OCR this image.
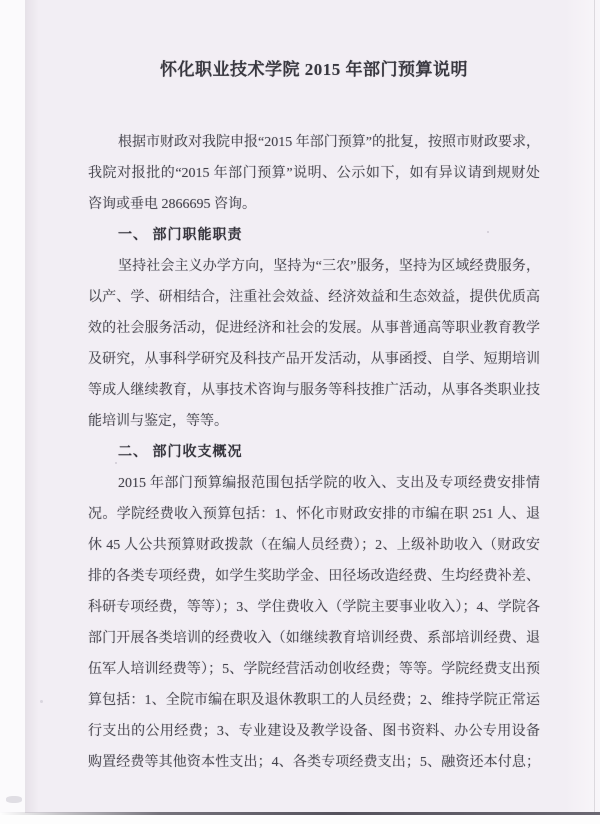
怀化职业技术学院 2015 年部门预算说明
根据市财政对我院申报“2015 年部门预算”的批复，按照市财政要求，
我院对报批的“2015 年部门预算”说明、公示如下，如有异议请到规财处
咨询或垂电 2866695 咨询。
一、 部门职能职责
坚持社会主义办学方向，坚持为“三农”服务，坚持为区域经费服务，
以产、学、研相结合，注重社会效益、经济效益和生态效益，提供优质高
效的社会服务活动，促进经济和社会的发展。从事普通高等职业教育教学
及研究，从事科学研究及科技产品开发活动，从事函授、自学、短期培训
等成人继续教育，从事技术咨询与服务等科技推广活动，从事各类职业技
能培训与鉴定，等等。
二、 部门收支概况
2015 年部门预算编报范围包括学院的收入、支出及专项经费安排情
况。学院经费收入预算包括：1、怀化市财政安排的市编在职 251 人、退
休 45 人公共预算财政拨款（在编人员经费）；2、上级补助收入（财政安
排的各类专项经费，如学生奖助学金、田径场改造经费、生均经费补差、
科研专项经费，等等）；3、学住费收入（学院主要事业收入）；4、学院各
部门开展各类培训的经费收入（如继续教育培训经费、系部培训经费、退
伍军人培训经费等）；5、学院经营活动创收经费；等等。学院经费支出预
算包括：1、全院市编在职及退休教职工的人员经费；2、维持学院正常运
行支出的公用经费；3、专业建设及教学设备、图书资料、办公专用设备
购置经费等其他资本性支出；4、各类专项经费支出；5、融资还本付息；
